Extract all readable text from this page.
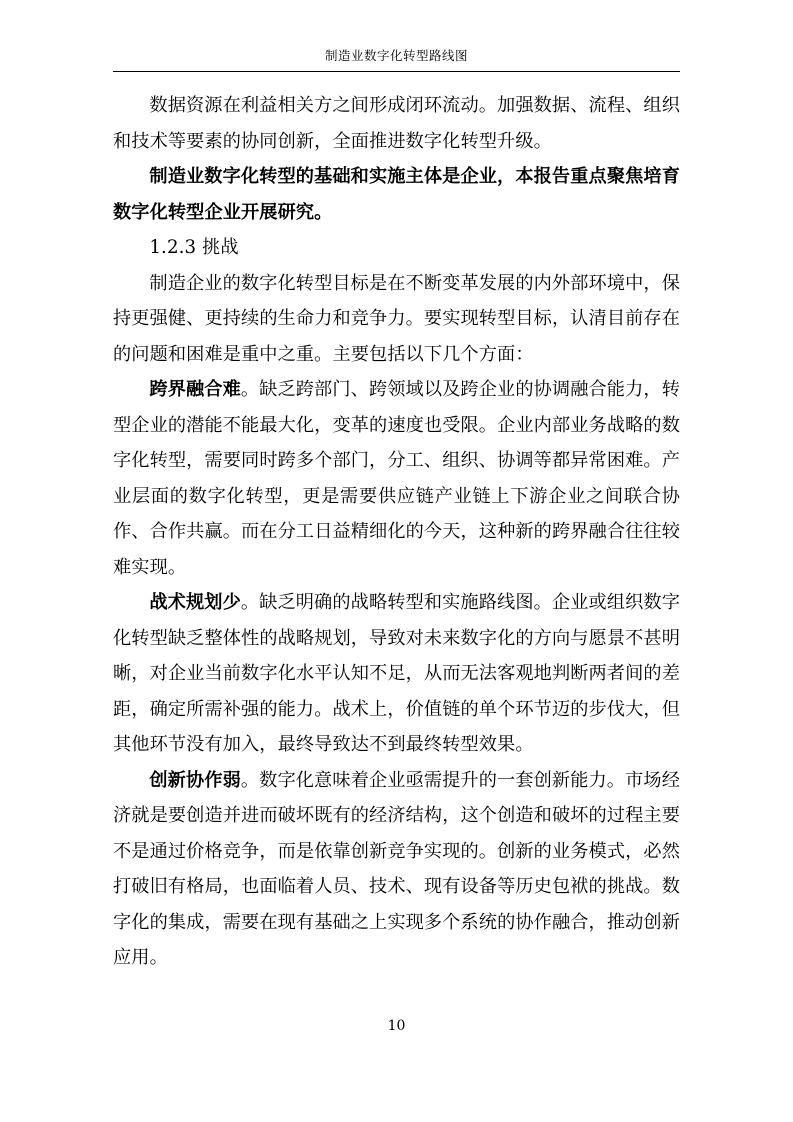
制造业数字化转型路线图

数据资源在利益相关方之间形成闭环流动。加强数据、流程、组织和技术等要素的协同创新，全面推进数字化转型升级。

制造业数字化转型的基础和实施主体是企业，本报告重点聚焦培育数字化转型企业开展研究。

1.2.3 挑战

制造企业的数字化转型目标是在不断变革发展的内外部环境中，保持更强健、更持续的生命力和竞争力。要实现转型目标，认清目前存在的问题和困难是重中之重。主要包括以下几个方面：

跨界融合难。缺乏跨部门、跨领域以及跨企业的协调融合能力，转型企业的潜能不能最大化，变革的速度也受限。企业内部业务战略的数字化转型，需要同时跨多个部门，分工、组织、协调等都异常困难。产业层面的数字化转型，更是需要供应链产业链上下游企业之间联合协作、合作共赢。而在分工日益精细化的今天，这种新的跨界融合往往较难实现。

战术规划少。缺乏明确的战略转型和实施路线图。企业或组织数字化转型缺乏整体性的战略规划，导致对未来数字化的方向与愿景不甚明晰，对企业当前数字化水平认知不足，从而无法客观地判断两者间的差距，确定所需补强的能力。战术上，价值链的单个环节迈的步伐大，但其他环节没有加入，最终导致达不到最终转型效果。

创新协作弱。数字化意味着企业亟需提升的一套创新能力。市场经济就是要创造并进而破坏既有的经济结构，这个创造和破坏的过程主要不是通过价格竞争，而是依靠创新竞争实现的。创新的业务模式，必然打破旧有格局，也面临着人员、技术、现有设备等历史包袱的挑战。数字化的集成，需要在现有基础之上实现多个系统的协作融合，推动创新应用。

10
